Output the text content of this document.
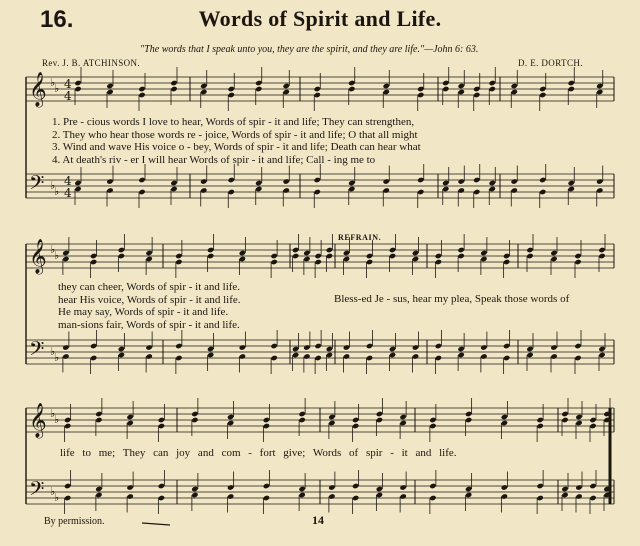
16.	Words of Spirit and Life.
"The words that I speak unto you, they are the spirit, and they are life."—John 6: 63.
Rev. J. B. ATCHINSON.	D. E. DORTCH.
𝄞
𝄢
♭
♭
♭
♭
4
4
4
4
𝄞
𝄢
♭
♭
♭
♭
𝄞
𝄢
♭
♭
♭
♭
1. Pre - cious words I love to hear, Words of spir - it and life; They can strengthen,
2. They who hear those words re - joice, Words of spir - it and life; O that all might
3. Wind and wave His voice o - bey, Words of spir - it and life; Death can hear what
4. At death's riv - er I will hear Words of spir - it and life; Call - ing me to
REFRAIN.
they can cheer, Words of spir - it and life.
hear His voice, Words of spir - it and life.
He may say, Words of spir - it and life.
man-sions fair, Words of spir - it and life.
Bless-ed Je - sus, hear my plea, Speak those words of
life to me; They can joy and com - fort give; Words of spir - it and life.
By permission.	14
